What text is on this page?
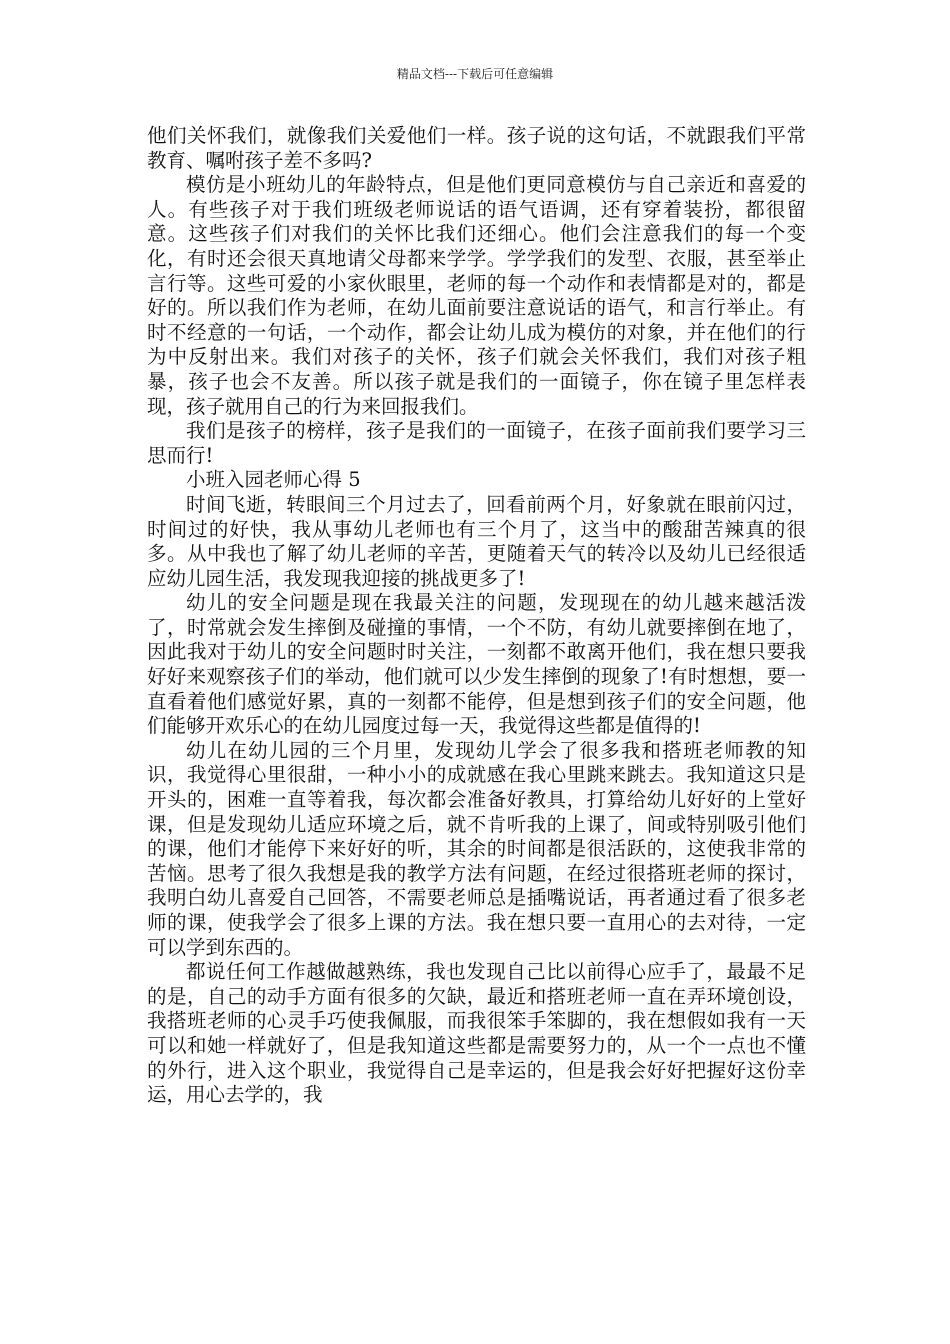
精品文档---下载后可任意编辑

他们关怀我们，就像我们关爱他们一样。孩子说的这句话，不就跟我们平常教育、嘱咐孩子差不多吗?

模仿是小班幼儿的年龄特点，但是他们更同意模仿与自己亲近和喜爱的人。有些孩子对于我们班级老师说话的语气语调，还有穿着装扮，都很留意。这些孩子们对我们的关怀比我们还细心。他们会注意我们的每一个变化，有时还会很天真地请父母都来学学。学学我们的发型、衣服，甚至举止言行等。这些可爱的小家伙眼里，老师的每一个动作和表情都是对的，都是好的。所以我们作为老师，在幼儿面前要注意说话的语气，和言行举止。有时不经意的一句话，一个动作，都会让幼儿成为模仿的对象，并在他们的行为中反射出来。我们对孩子的关怀，孩子们就会关怀我们，我们对孩子粗暴，孩子也会不友善。所以孩子就是我们的一面镜子，你在镜子里怎样表现，孩子就用自己的行为来回报我们。

我们是孩子的榜样，孩子是我们的一面镜子，在孩子面前我们要学习三思而行!

小班入园老师心得 5

时间飞逝，转眼间三个月过去了，回看前两个月，好象就在眼前闪过，时间过的好快，我从事幼儿老师也有三个月了，这当中的酸甜苦辣真的很多。从中我也了解了幼儿老师的辛苦，更随着天气的转冷以及幼儿已经很适应幼儿园生活，我发现我迎接的挑战更多了!

幼儿的安全问题是现在我最关注的问题，发现现在的幼儿越来越活泼了，时常就会发生摔倒及碰撞的事情，一个不防，有幼儿就要摔倒在地了，因此我对于幼儿的安全问题时时关注，一刻都不敢离开他们，我在想只要我好好来观察孩子们的举动，他们就可以少发生摔倒的现象了!有时想想，要一直看着他们感觉好累，真的一刻都不能停，但是想到孩子们的安全问题，他们能够开欢乐心的在幼儿园度过每一天，我觉得这些都是值得的!

幼儿在幼儿园的三个月里，发现幼儿学会了很多我和搭班老师教的知识，我觉得心里很甜，一种小小的成就感在我心里跳来跳去。我知道这只是开头的，困难一直等着我，每次都会准备好教具，打算给幼儿好好的上堂好课，但是发现幼儿适应环境之后，就不肯听我的上课了，间或特别吸引他们的课，他们才能停下来好好的听，其余的时间都是很活跃的，这使我非常的苦恼。思考了很久我想是我的教学方法有问题，在经过很搭班老师的探讨，我明白幼儿喜爱自己回答，不需要老师总是插嘴说话，再者通过看了很多老师的课，使我学会了很多上课的方法。我在想只要一直用心的去对待，一定可以学到东西的。

都说任何工作越做越熟练，我也发现自己比以前得心应手了，最最不足的是，自己的动手方面有很多的欠缺，最近和搭班老师一直在弄环境创设，我搭班老师的心灵手巧使我佩服，而我很笨手笨脚的，我在想假如我有一天可以和她一样就好了，但是我知道这些都是需要努力的，从一个一点也不懂的外行，进入这个职业，我觉得自己是幸运的，但是我会好好把握好这份幸运，用心去学的，我
